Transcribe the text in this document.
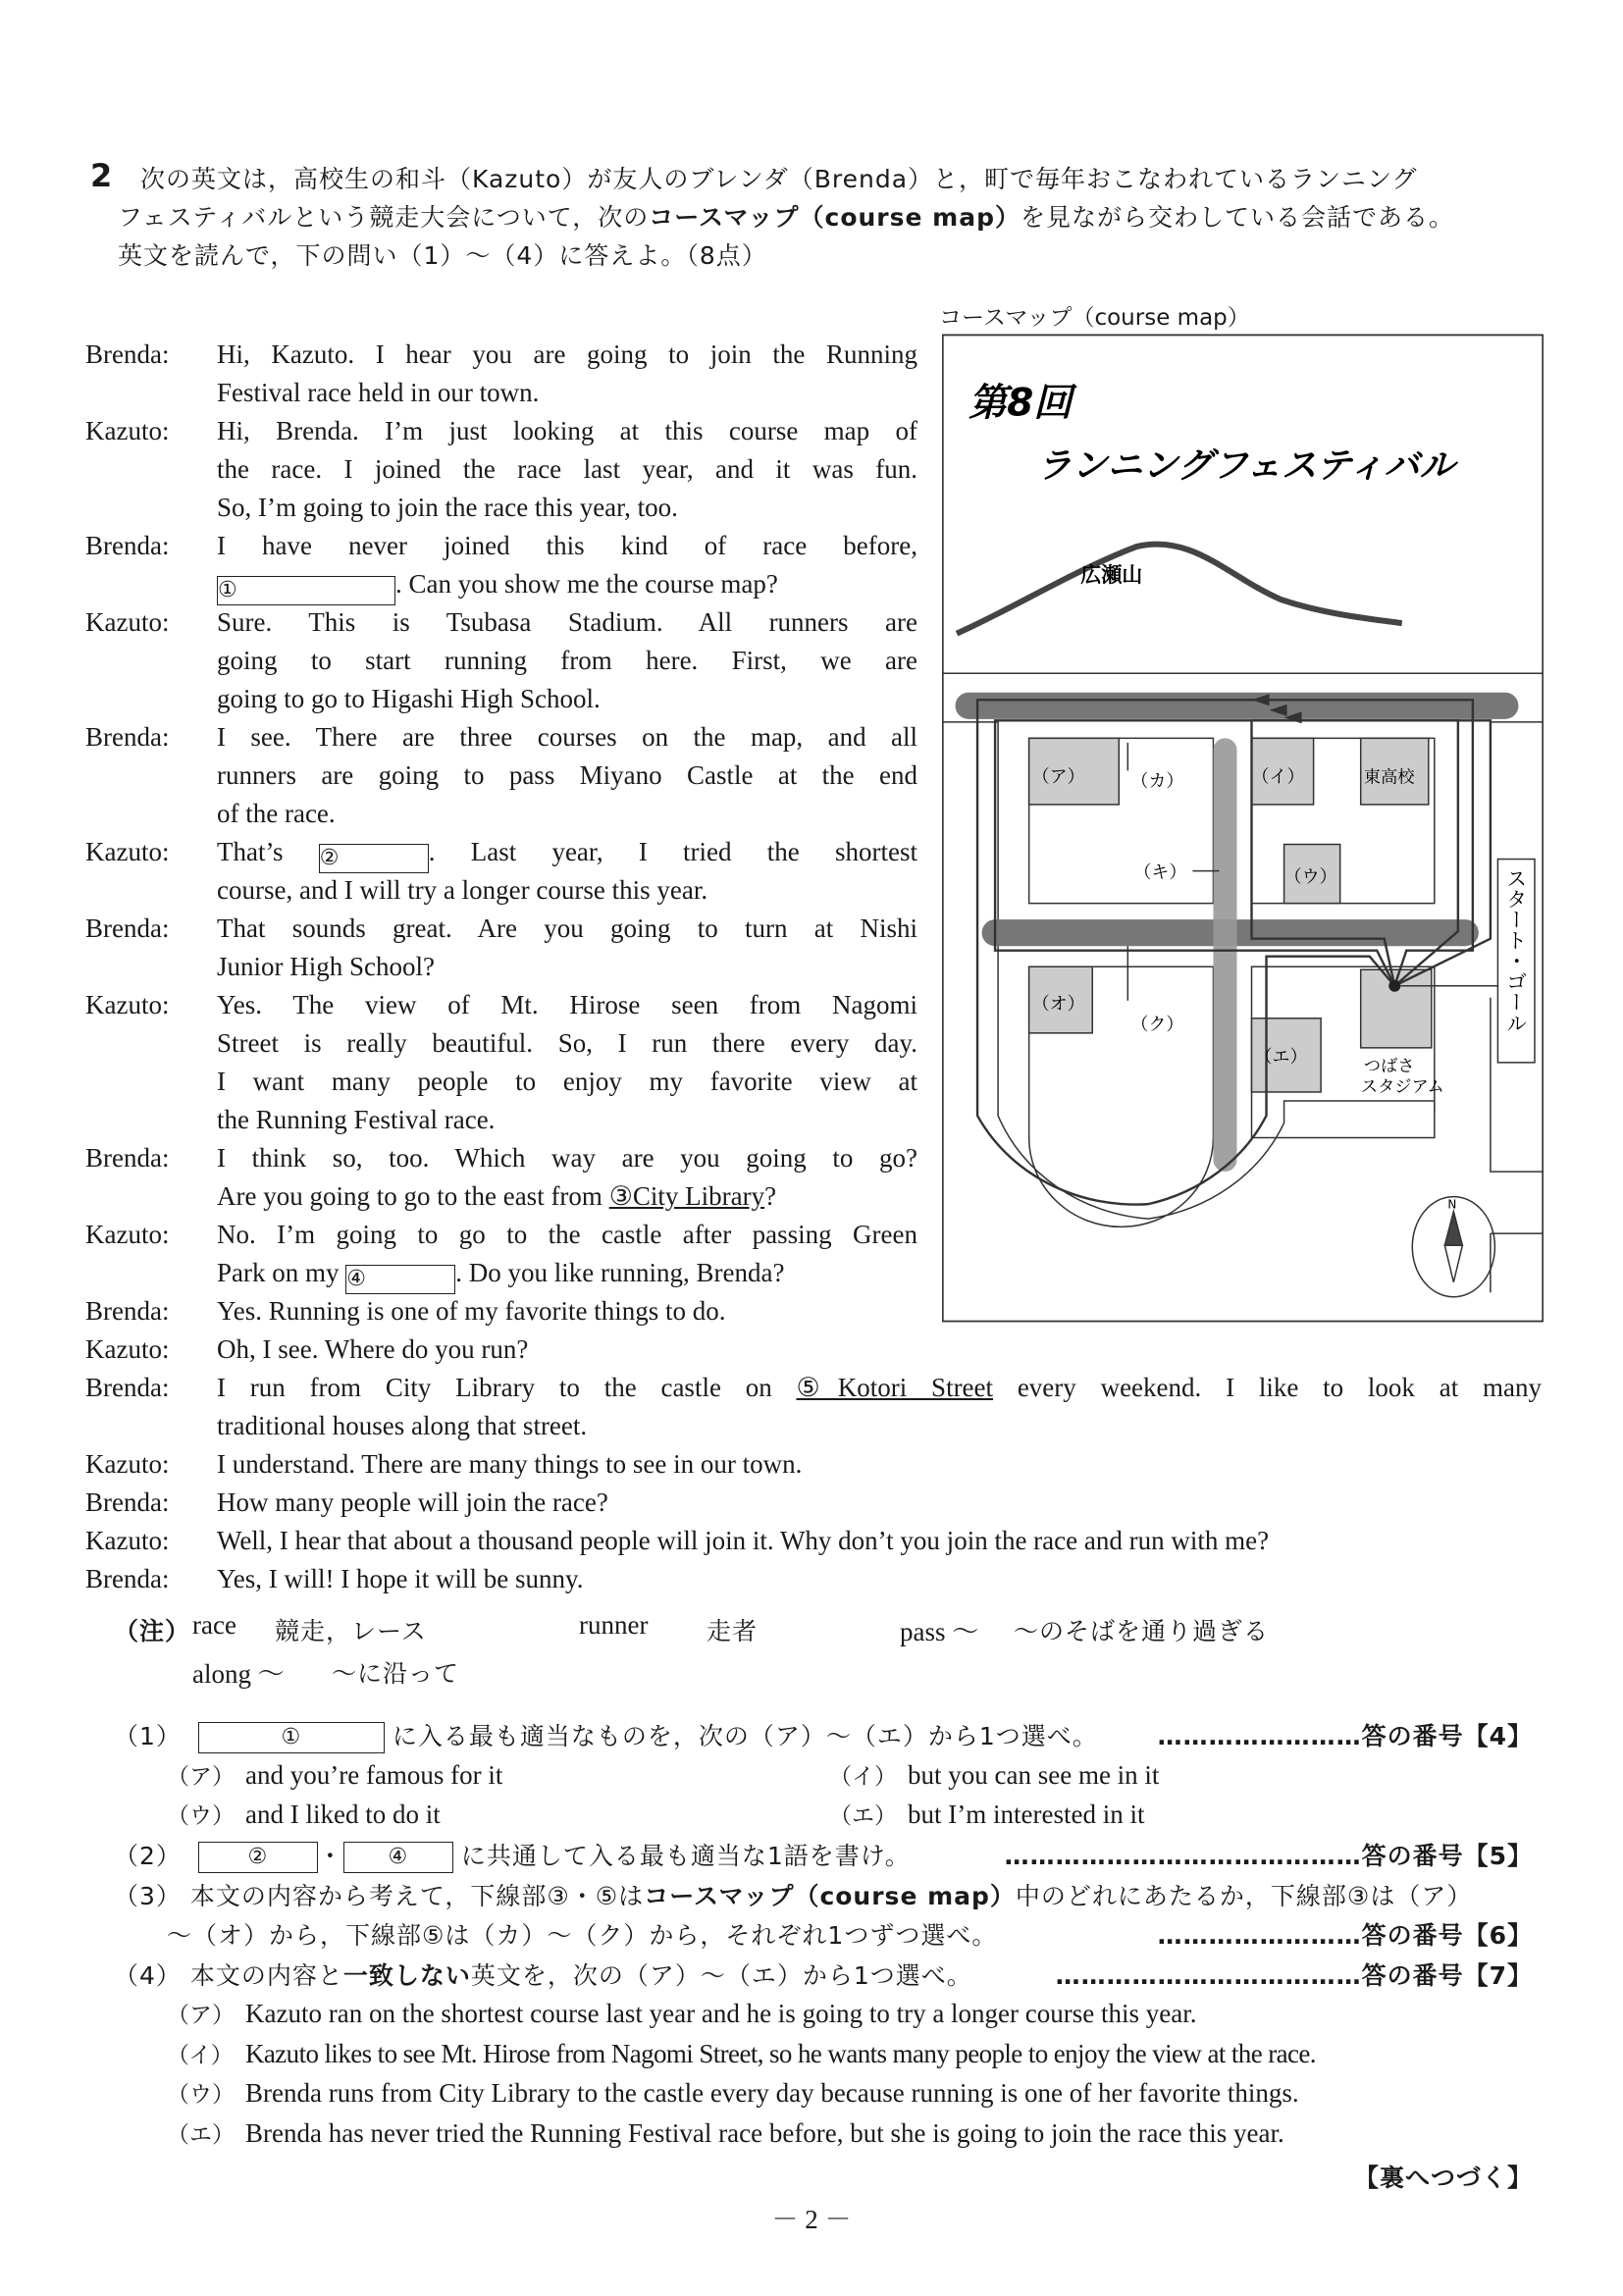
2 次の英文は，高校生の和斗（Kazuto）が友人のブレンダ（Brenda）と，町で毎年おこなわれているランニング
フェスティバルという競走大会について，次のコースマップ（course map）を見ながら交わしている会話である。
英文を読んで，下の問い（1）～（4）に答えよ。（8点）
コースマップ（course map）
第8回
ランニングフェスティバル
広瀬山
（ア）	（イ）
（ウ）
（エ）
（オ）
（カ）
（キ）
（ク）
東高校
つばさ
スタジアム
スタート・ゴール
N
Brenda:	Hi, Kazuto. I hear you are going to join the Running
Festival race held in our town.
Kazuto:	Hi, Brenda. I’m just looking at this course map of
the race. I joined the race last year, and it was fun.
So, I’m going to join the race this year, too.
Brenda:	I have never joined this kind of race before,
①	. Can you show me the course map?
Kazuto:	Sure. This is Tsubasa Stadium. All runners are
going to start running from here. First, we are
going to go to Higashi High School.
Brenda:	I see. There are three courses on the map, and all
runners are going to pass Miyano Castle at the end
of the race.
Kazuto:	That’s ②	. Last year, I tried the shortest
course, and I will try a longer course this year.
Brenda:	That sounds great. Are you going to turn at Nishi
Junior High School?
Kazuto:	Yes. The view of Mt. Hirose seen from Nagomi
Street is really beautiful. So, I run there every day.
I want many people to enjoy my favorite view at
the Running Festival race.
Brenda:	I think so, too. Which way are you going to go?
Are you going to go to the east from ③City Library?
Kazuto:	No. I’m going to go to the castle after passing Green
Park on my ④	. Do you like running, Brenda?
Brenda:	Yes. Running is one of my favorite things to do.
Kazuto:	Oh, I see. Where do you run?
Brenda:	I run from City Library to the castle on ⑤Kotori Street every weekend. I like to look at many
traditional houses along that street.
Kazuto:	I understand. There are many things to see in our town.
Brenda:	How many people will join the race?
Kazuto:	Well, I hear that about a thousand people will join it. Why don’t you join the race and run with me?
Brenda:	Yes, I will! I hope it will be sunny.
（注） race 競走，レース	runner 走者	pass ～ ～のそばを通り過ぎる
along ～ ～に沿って
（1）	①	に入る最も適当なものを，次の（ア）～（エ）から1つ選べ。 ……………………答の番号【4】
（ア） and you’re famous for it	（イ） but you can see me in it
（ウ） and I liked to do it	（エ） but I’m interested in it
（2）	② ・ ④ に共通して入る最も適当な1語を書け。	……………………………………答の番号【5】
（3） 本文の内容から考えて，下線部③・⑤はコースマップ（course map）中のどれにあたるか，下線部③は（ア）
～（オ）から，下線部⑤は（カ）～（ク）から，それぞれ1つずつ選べ。	……………………答の番号【6】
（4） 本文の内容と一致しない英文を，次の（ア）～（エ）から1つ選べ。	………………………………答の番号【7】
（ア） Kazuto ran on the shortest course last year and he is going to try a longer course this year.
（イ） Kazuto likes to see Mt. Hirose from Nagomi Street, so he wants many people to enjoy the view at the race.
（ウ） Brenda runs from City Library to the castle every day because running is one of her favorite things.
（エ） Brenda has never tried the Running Festival race before, but she is going to join the race this year.
【裏へつづく】
－ 2 －
